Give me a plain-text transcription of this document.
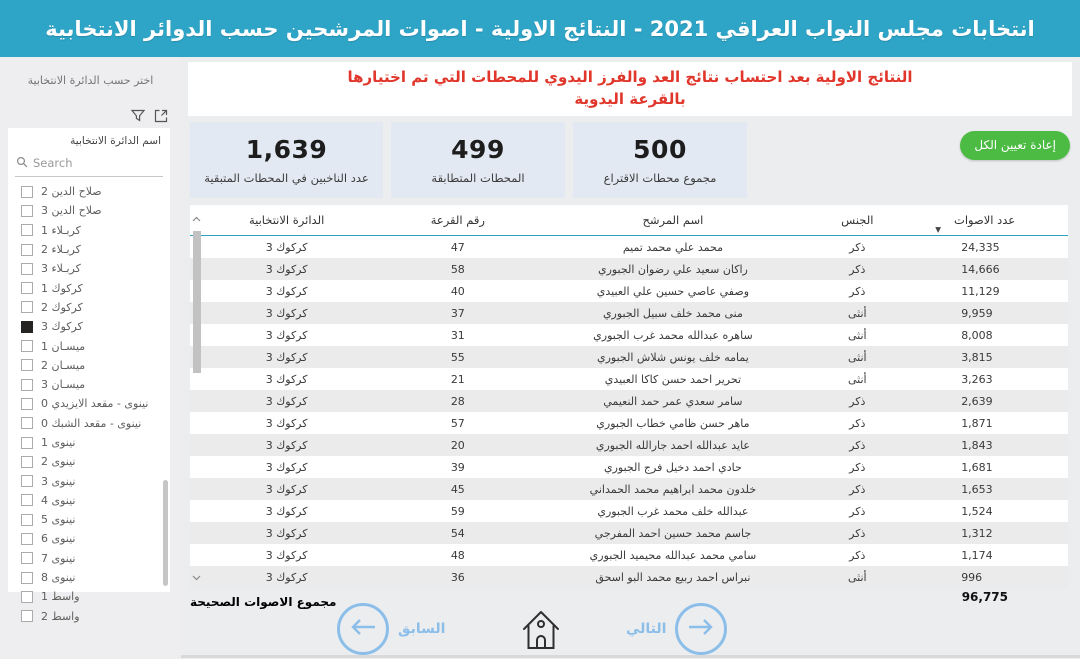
انتخابات مجلس النواب العراقي 2021 - النتائج الاولية - اصوات المرشحين حسب الدوائر الانتخابية
اختر حسب الدائرة الانتخابية
اسم الدائرة الانتخابية
Search
صلاح الدين 2
صلاح الدين 3
كربـلاء 1
كربـلاء 2
كربـلاء 3
كركوك 1
كركوك 2
كركوك 3
ميسـان 1
ميسـان 2
ميسـان 3
نينوى - مقعد الايزيدي 0
نينوى - مقعد الشبك 0
نينوى 1
نينوى 2
نينوى 3
نينوى 4
نينوى 5
نينوى 6
نينوى 7
نينوى 8
واسط 1
واسط 2
النتائج الاولية بعد احتساب نتائج العد والفرز اليدوي للمحطات التي تم اختيارها بالقرعة اليدوية
500
مجموع محطات الاقتراع
499
المحطات المتطابقة
1,639
عدد الناخبين في المحطات المتبقية
إعادة تعيين الكل
عدد الاصوات
▼
الجنس
اسم المرشح
رقم القرعة
الدائرة الانتخابية
24,335
ذكر
محمد علي محمد تميم
47
كركوك 3
14,666
ذكر
راكان سعيد علي رضوان الجبوري
58
كركوك 3
11,129
ذكر
وصفي عاصي حسين علي العبيدي
40
كركوك 3
9,959
أنثى
منى محمد خلف سبيل الجبوري
37
كركوك 3
8,008
أنثى
ساهره عبدالله محمد غرب الجبوري
31
كركوك 3
3,815
أنثى
يمامه خلف يونس شلاش الجبوري
55
كركوك 3
3,263
أنثى
تحرير احمد حسن كاكا العبيدي
21
كركوك 3
2,639
ذكر
سامر سعدي عمر حمد النعيمي
28
كركوك 3
1,871
ذكر
ماهر حسن ظامي خطاب الجبوري
57
كركوك 3
1,843
ذكر
عايد عبدالله احمد جارالله الجبوري
20
كركوك 3
1,681
ذكر
حادي احمد دخيل فرج الجبوري
39
كركوك 3
1,653
ذكر
خلدون محمد ابراهيم محمد الحمداني
45
كركوك 3
1,524
ذكر
عبدالله خلف محمد غرب الجبوري
59
كركوك 3
1,312
ذكر
جاسم محمد حسين احمد المفرجي
54
كركوك 3
1,174
ذكر
سامي محمد عبدالله محيميد الجبوري
48
كركوك 3
996
أنثى
نبراس احمد ربيع محمد البو اسحق
36
كركوك 3
96,775
مجموع الاصوات الصحيحة
السابق	التالي
